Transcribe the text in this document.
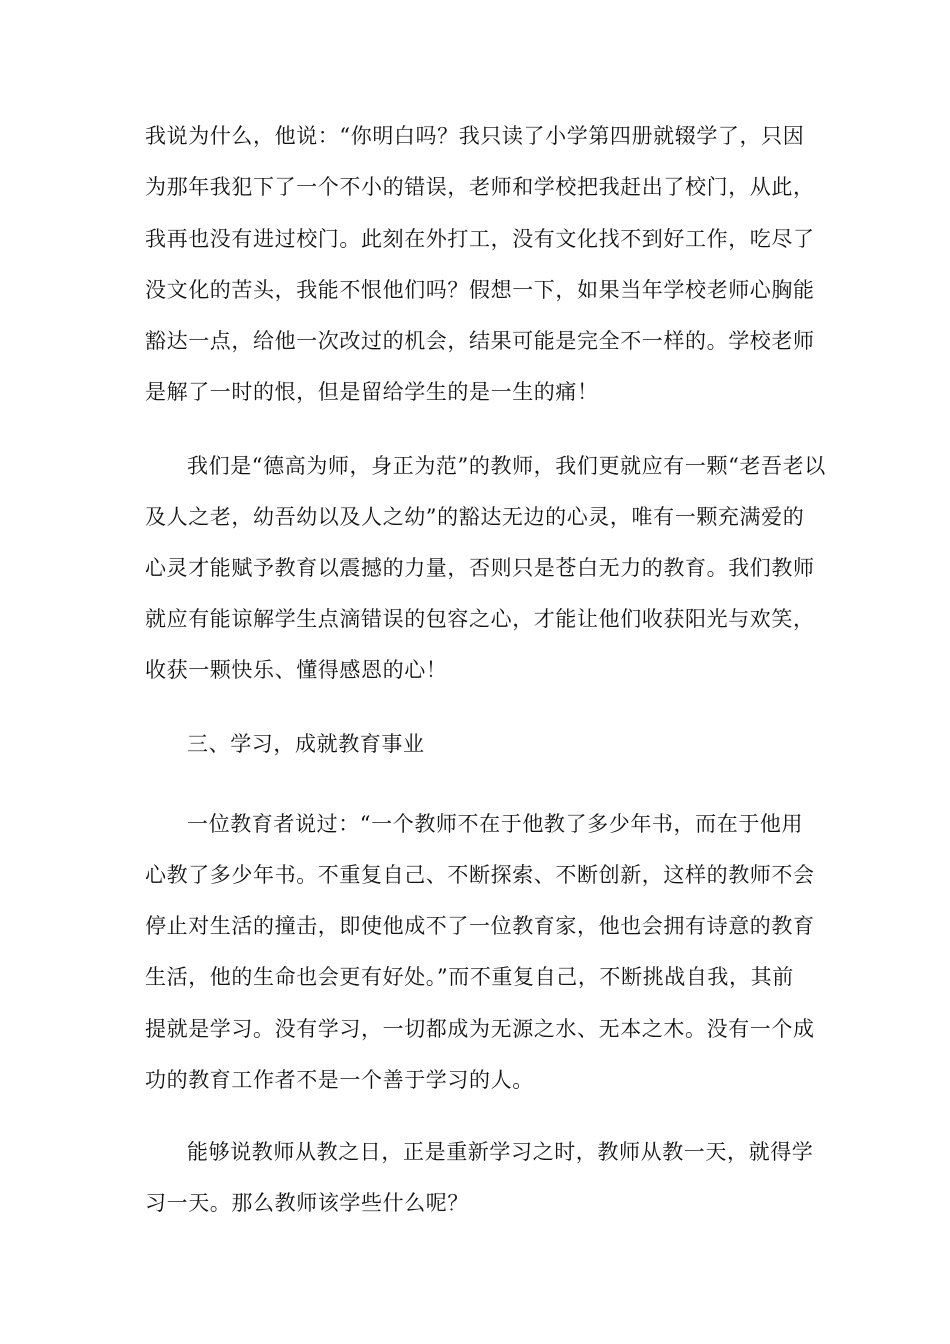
我说为什么，他说：“你明白吗？我只读了小学第四册就辍学了，只因
为那年我犯下了一个不小的错误，老师和学校把我赶出了校门，从此，
我再也没有进过校门。此刻在外打工，没有文化找不到好工作，吃尽了
没文化的苦头，我能不恨他们吗？假想一下，如果当年学校老师心胸能
豁达一点，给他一次改过的机会，结果可能是完全不一样的。学校老师
是解了一时的恨，但是留给学生的是一生的痛！
我们是“德高为师，身正为范”的教师，我们更就应有一颗“老吾老以
及人之老，幼吾幼以及人之幼”的豁达无边的心灵，唯有一颗充满爱的
心灵才能赋予教育以震撼的力量，否则只是苍白无力的教育。我们教师
就应有能谅解学生点滴错误的包容之心，才能让他们收获阳光与欢笑，
收获一颗快乐、懂得感恩的心！
三、学习，成就教育事业
一位教育者说过：“一个教师不在于他教了多少年书，而在于他用
心教了多少年书。不重复自己、不断探索、不断创新，这样的教师不会
停止对生活的撞击，即使他成不了一位教育家，他也会拥有诗意的教育
生活，他的生命也会更有好处。”而不重复自己，不断挑战自我，其前
提就是学习。没有学习，一切都成为无源之水、无本之木。没有一个成
功的教育工作者不是一个善于学习的人。
能够说教师从教之日，正是重新学习之时，教师从教一天，就得学
习一天。那么教师该学些什么呢？
